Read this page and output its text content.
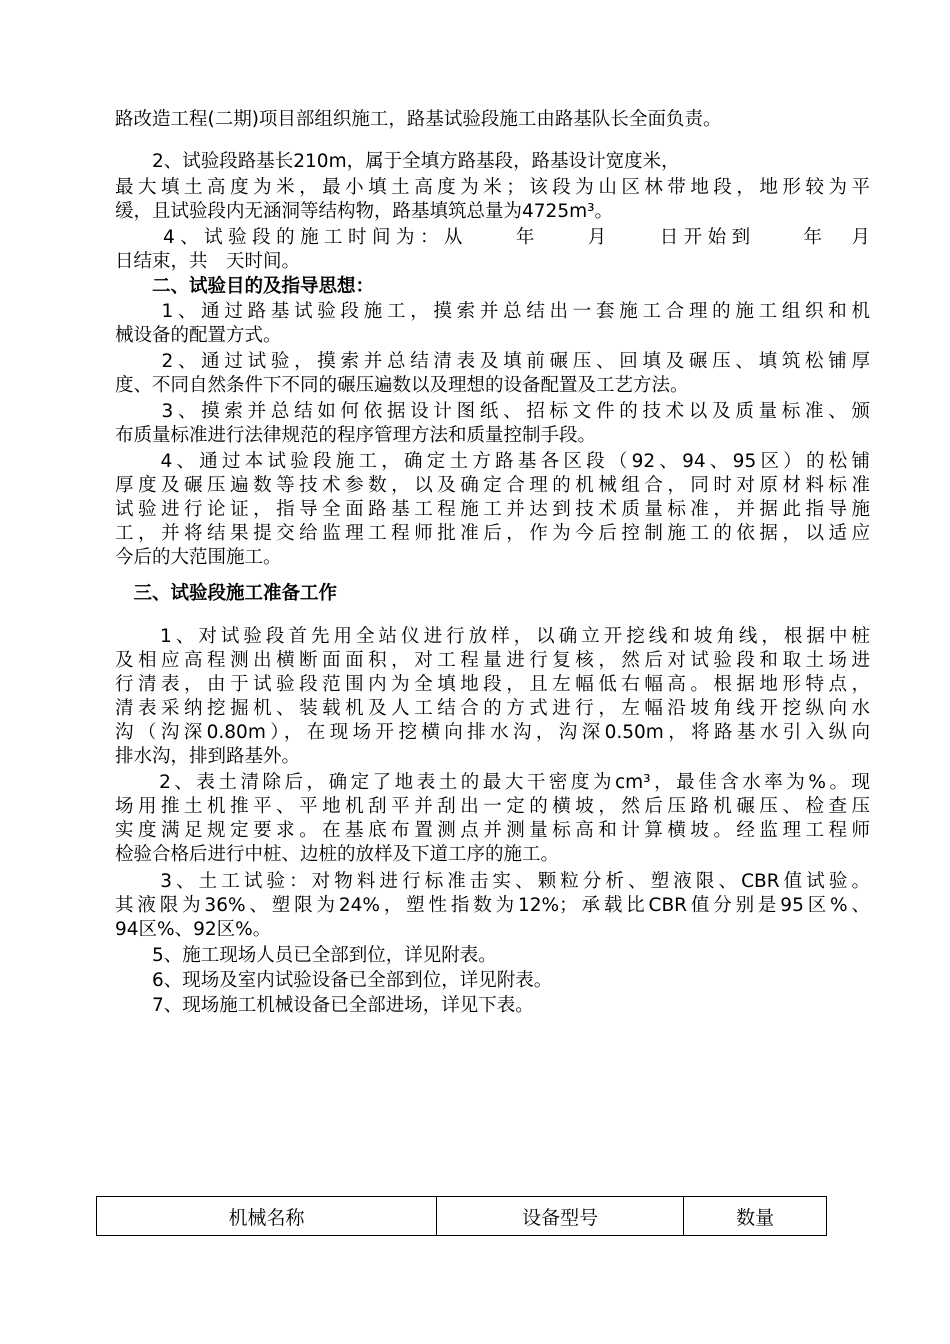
路改造工程(二期)项目部组织施工，路基试验段施工由路基队长全面负责。
　　2、试验段路基长210m，属于全填方路基段，路基设计宽度米，
最大填土高度为米，最小填土高度为米；该段为山区林带地段，地形较为平
缓，且试验段内无涵洞等结构物，路基填筑总量为4725m³。
　　4、试验段的施工时间为：从　　年　　月　　日开始到　　年　月
日结束，共　天时间。
　　二、试验目的及指导思想：
　　1、通过路基试验段施工，摸索并总结出一套施工合理的施工组织和机
械设备的配置方式。
　　2、通过试验，摸索并总结清表及填前碾压、回填及碾压、填筑松铺厚
度、不同自然条件下不同的碾压遍数以及理想的设备配置及工艺方法。
　　3、摸索并总结如何依据设计图纸、招标文件的技术以及质量标准、颁
布质量标准进行法律规范的程序管理方法和质量控制手段。
　　4、通过本试验段施工，确定土方路基各区段（92、94、95区）的松铺
厚度及碾压遍数等技术参数，以及确定合理的机械组合，同时对原材料标准
试验进行论证，指导全面路基工程施工并达到技术质量标准，并据此指导施
工，并将结果提交给监理工程师批准后，作为今后控制施工的依据，以适应
今后的大范围施工。
　三、试验段施工准备工作
　　1、对试验段首先用全站仪进行放样，以确立开挖线和坡角线，根据中桩
及相应高程测出横断面面积，对工程量进行复核，然后对试验段和取土场进
行清表，由于试验段范围内为全填地段，且左幅低右幅高。根据地形特点，
清表采纳挖掘机、装载机及人工结合的方式进行，左幅沿坡角线开挖纵向水
沟（沟深0.80m），在现场开挖横向排水沟，沟深0.50m，将路基水引入纵向
排水沟，排到路基外。
　　2、表土清除后，确定了地表土的最大干密度为cm³，最佳含水率为%。现
场用推土机推平、平地机刮平并刮出一定的横坡，然后压路机碾压、检查压
实度满足规定要求。在基底布置测点并测量标高和计算横坡。经监理工程师
检验合格后进行中桩、边桩的放样及下道工序的施工。
　　3、土工试验：对物料进行标准击实、颗粒分析、塑液限、CBR值试验。
其液限为36%、塑限为24%，塑性指数为12%；承载比CBR值分别是95区%、
94区%、92区%。
　　5、施工现场人员已全部到位，详见附表。
　　6、现场及室内试验设备已全部到位，详见附表。
　　7、现场施工机械设备已全部进场，详见下表。
机械名称	设备型号	数量
